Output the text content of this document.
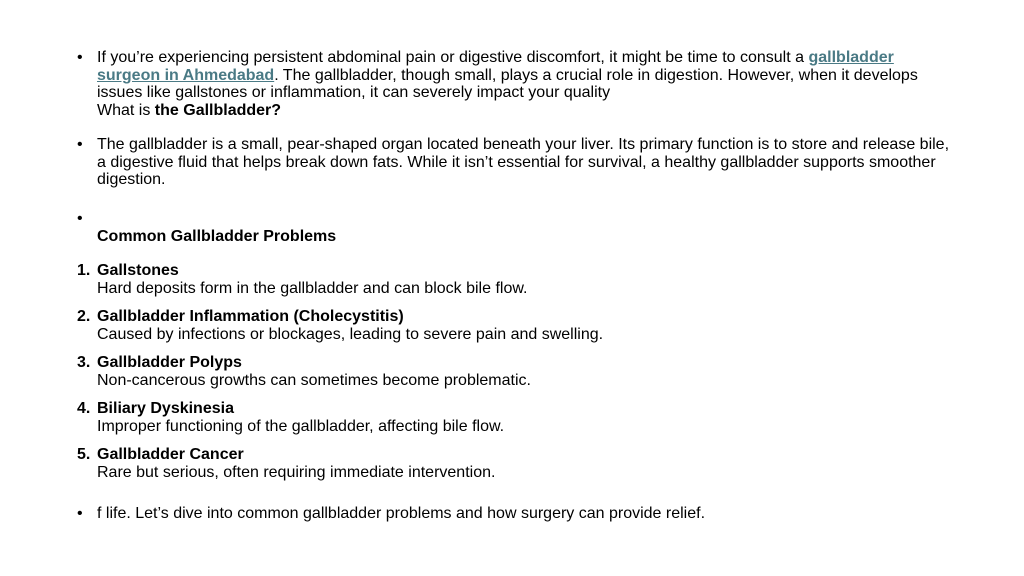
• If you’re experiencing persistent abdominal pain or digestive discomfort, it might be time to consult a gallbladder surgeon in Ahmedabad. The gallbladder, though small, plays a crucial role in digestion. However, when it develops issues like gallstones or inflammation, it can severely impact your quality
What is the Gallbladder?
• The gallbladder is a small, pear-shaped organ located beneath your liver. Its primary function is to store and release bile, a digestive fluid that helps break down fats. While it isn’t essential for survival, a healthy gallbladder supports smoother digestion.
•
Common Gallbladder Problems
1. Gallstones
Hard deposits form in the gallbladder and can block bile flow.
2. Gallbladder Inflammation (Cholecystitis)
Caused by infections or blockages, leading to severe pain and swelling.
3. Gallbladder Polyps
Non-cancerous growths can sometimes become problematic.
4. Biliary Dyskinesia
Improper functioning of the gallbladder, affecting bile flow.
5. Gallbladder Cancer
Rare but serious, often requiring immediate intervention.
• f life. Let’s dive into common gallbladder problems and how surgery can provide relief.
